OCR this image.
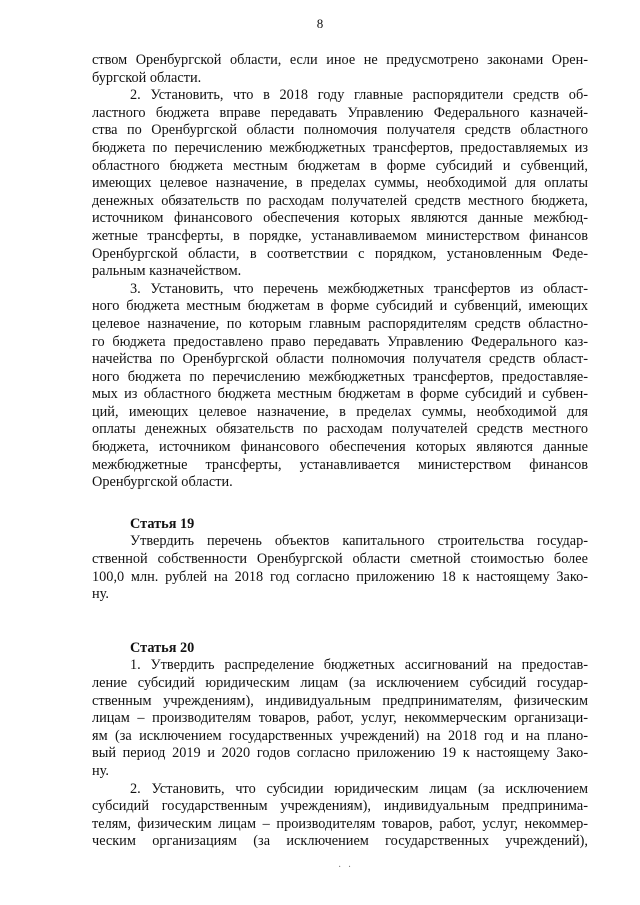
8
ством Оренбургской области, если иное не предусмотрено законами Орен-
бургской области.
2. Установить, что в 2018 году главные распорядители средств об-
ластного бюджета вправе передавать Управлению Федерального казначей-
ства по Оренбургской области полномочия получателя средств областного
бюджета по перечислению межбюджетных трансфертов, предоставляемых из
областного бюджета местным бюджетам в форме субсидий и субвенций,
имеющих целевое назначение, в пределах суммы, необходимой для оплаты
денежных обязательств по расходам получателей средств местного бюджета,
источником финансового обеспечения которых являются данные межбюд-
жетные трансферты, в порядке, устанавливаемом министерством финансов
Оренбургской области, в соответствии с порядком, установленным Феде-
ральным казначейством.
3. Установить, что перечень межбюджетных трансфертов из област-
ного бюджета местным бюджетам в форме субсидий и субвенций, имеющих
целевое назначение, по которым главным распорядителям средств областно-
го бюджета предоставлено право передавать Управлению Федерального каз-
начейства по Оренбургской области полномочия получателя средств област-
ного бюджета по перечислению межбюджетных трансфертов, предоставляе-
мых из областного бюджета местным бюджетам в форме субсидий и субвен-
ций, имеющих целевое назначение, в пределах суммы, необходимой для
оплаты денежных обязательств по расходам получателей средств местного
бюджета, источником финансового обеспечения которых являются данные
межбюджетные трансферты, устанавливается министерством финансов
Оренбургской области.

Статья 19

Утвердить перечень объектов капитального строительства государ-
ственной собственности Оренбургской области сметной стоимостью более
100,0 млн. рублей на 2018 год согласно приложению 18 к настоящему Зако-
ну.

Статья 20

1. Утвердить распределение бюджетных ассигнований на предостав-
ление субсидий юридическим лицам (за исключением субсидий государ-
ственным учреждениям), индивидуальным предпринимателям, физическим
лицам – производителям товаров, работ, услуг, некоммерческим организаци-
ям (за исключением государственных учреждений) на 2018 год и на плано-
вый период 2019 и 2020 годов согласно приложению 19 к настоящему Зако-
ну.
2. Установить, что субсидии юридическим лицам (за исключением
субсидий государственным учреждениям), индивидуальным предпринима-
телям, физическим лицам – производителям товаров, работ, услуг, некоммер-
ческим организациям (за исключением государственных учреждений),
· ·
